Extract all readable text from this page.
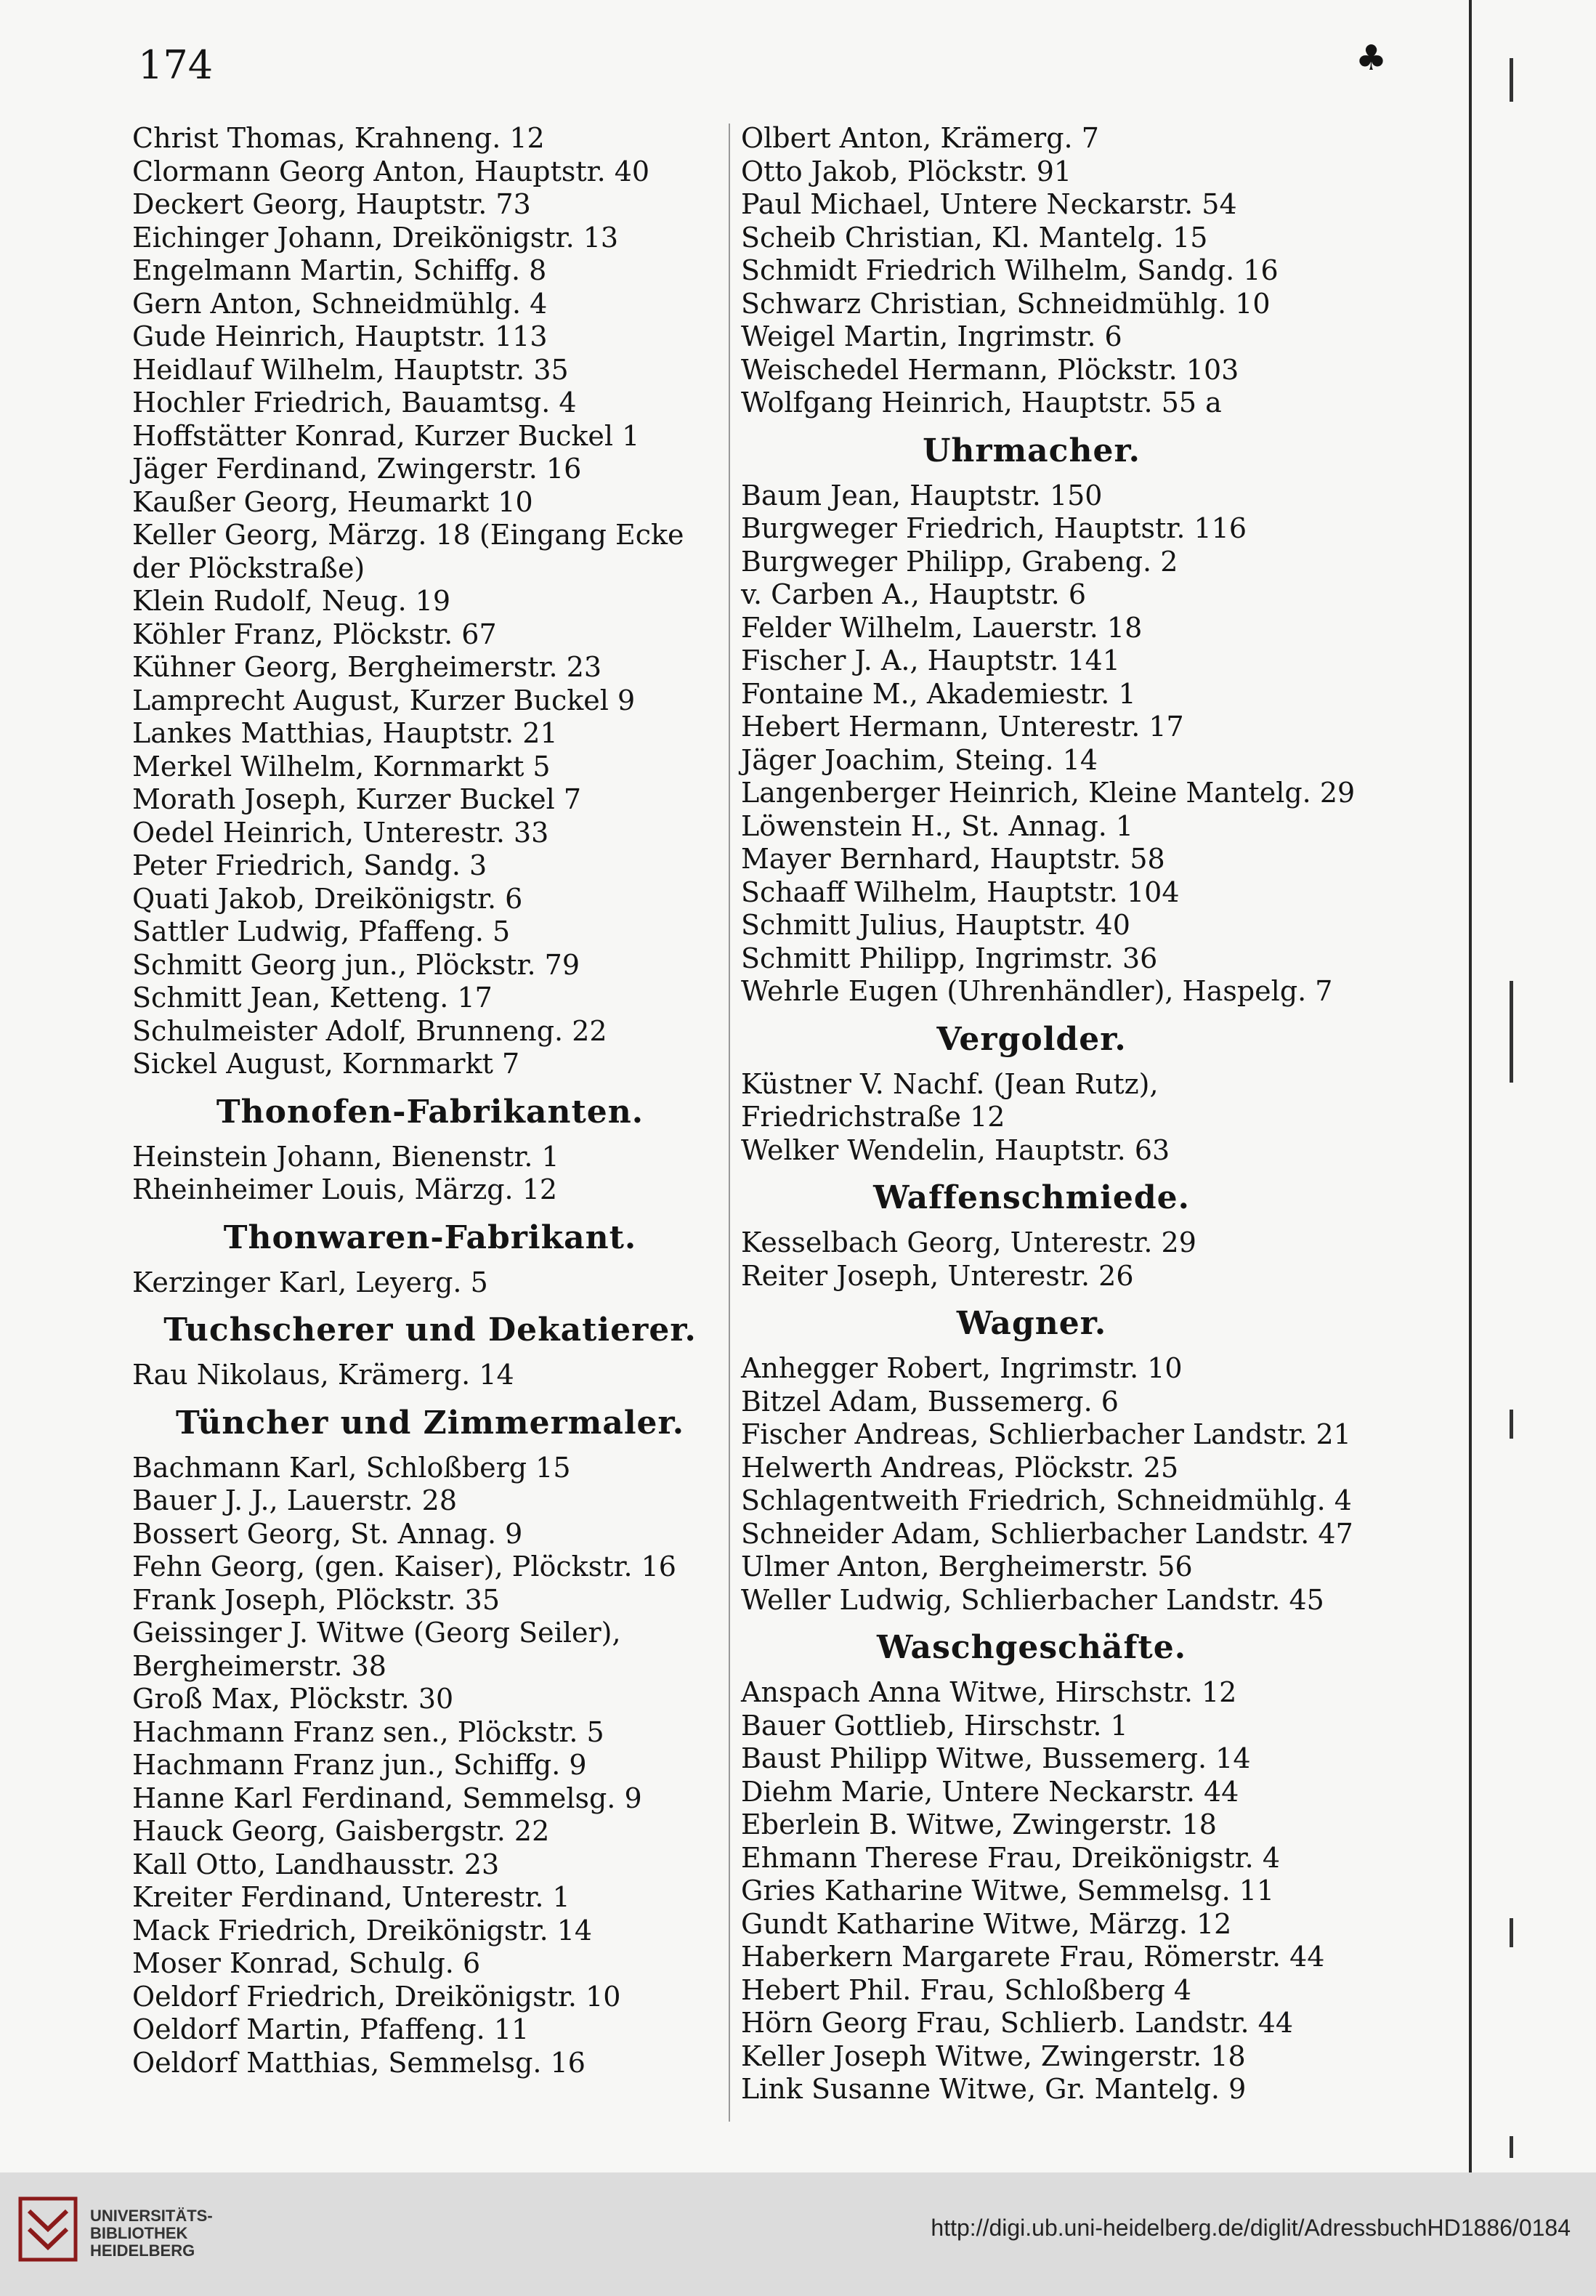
174	♣
Christ Thomas, Krahneng. 12
Clormann Georg Anton, Hauptstr. 40
Deckert Georg, Hauptstr. 73
Eichinger Johann, Dreikönigstr. 13
Engelmann Martin, Schiffg. 8
Gern Anton, Schneidmühlg. 4
Gude Heinrich, Hauptstr. 113
Heidlauf Wilhelm, Hauptstr. 35
Hochler Friedrich, Bauamtsg. 4
Hoffstätter Konrad, Kurzer Buckel 1
Jäger Ferdinand, Zwingerstr. 16
Kaußer Georg, Heumarkt 10
Keller Georg, Märzg. 18 (Eingang Ecke der Plöckstraße)
Klein Rudolf, Neug. 19
Köhler Franz, Plöckstr. 67
Kühner Georg, Bergheimerstr. 23
Lamprecht August, Kurzer Buckel 9
Lankes Matthias, Hauptstr. 21
Merkel Wilhelm, Kornmarkt 5
Morath Joseph, Kurzer Buckel 7
Oedel Heinrich, Unterestr. 33
Peter Friedrich, Sandg. 3
Quati Jakob, Dreikönigstr. 6
Sattler Ludwig, Pfaffeng. 5
Schmitt Georg jun., Plöckstr. 79
Schmitt Jean, Ketteng. 17
Schulmeister Adolf, Brunneng. 22
Sickel August, Kornmarkt 7
Thonofen-Fabrikanten.
Heinstein Johann, Bienenstr. 1
Rheinheimer Louis, Märzg. 12
Thonwaren-Fabrikant.
Kerzinger Karl, Leyerg. 5
Tuchscherer und Dekatierer.
Rau Nikolaus, Krämerg. 14
Tüncher und Zimmermaler.
Bachmann Karl, Schloßberg 15
Bauer J. J., Lauerstr. 28
Bossert Georg, St. Annag. 9
Fehn Georg, (gen. Kaiser), Plöckstr. 16
Frank Joseph, Plöckstr. 35
Geissinger J. Witwe (Georg Seiler), Bergheimerstr. 38
Groß Max, Plöckstr. 30
Hachmann Franz sen., Plöckstr. 5
Hachmann Franz jun., Schiffg. 9
Hanne Karl Ferdinand, Semmelsg. 9
Hauck Georg, Gaisbergstr. 22
Kall Otto, Landhausstr. 23
Kreiter Ferdinand, Unterestr. 1
Mack Friedrich, Dreikönigstr. 14
Moser Konrad, Schulg. 6
Oeldorf Friedrich, Dreikönigstr. 10
Oeldorf Martin, Pfaffeng. 11
Oeldorf Matthias, Semmelsg. 16
Olbert Anton, Krämerg. 7
Otto Jakob, Plöckstr. 91
Paul Michael, Untere Neckarstr. 54
Scheib Christian, Kl. Mantelg. 15
Schmidt Friedrich Wilhelm, Sandg. 16
Schwarz Christian, Schneidmühlg. 10
Weigel Martin, Ingrimstr. 6
Weischedel Hermann, Plöckstr. 103
Wolfgang Heinrich, Hauptstr. 55 a
Uhrmacher.
Baum Jean, Hauptstr. 150
Burgweger Friedrich, Hauptstr. 116
Burgweger Philipp, Grabeng. 2
v. Carben A., Hauptstr. 6
Felder Wilhelm, Lauerstr. 18
Fischer J. A., Hauptstr. 141
Fontaine M., Akademiestr. 1
Hebert Hermann, Unterestr. 17
Jäger Joachim, Steing. 14
Langenberger Heinrich, Kleine Mantelg. 29
Löwenstein H., St. Annag. 1
Mayer Bernhard, Hauptstr. 58
Schaaff Wilhelm, Hauptstr. 104
Schmitt Julius, Hauptstr. 40
Schmitt Philipp, Ingrimstr. 36
Wehrle Eugen (Uhrenhändler), Haspelg. 7
Vergolder.
Küstner V. Nachf. (Jean Rutz), Friedrichstraße 12
Welker Wendelin, Hauptstr. 63
Waffenschmiede.
Kesselbach Georg, Unterestr. 29
Reiter Joseph, Unterestr. 26
Wagner.
Anhegger Robert, Ingrimstr. 10
Bitzel Adam, Bussemerg. 6
Fischer Andreas, Schlierbacher Landstr. 21
Helwerth Andreas, Plöckstr. 25
Schlagentweith Friedrich, Schneidmühlg. 4
Schneider Adam, Schlierbacher Landstr. 47
Ulmer Anton, Bergheimerstr. 56
Weller Ludwig, Schlierbacher Landstr. 45
Waschgeschäfte.
Anspach Anna Witwe, Hirschstr. 12
Bauer Gottlieb, Hirschstr. 1
Baust Philipp Witwe, Bussemerg. 14
Diehm Marie, Untere Neckarstr. 44
Eberlein B. Witwe, Zwingerstr. 18
Ehmann Therese Frau, Dreikönigstr. 4
Gries Katharine Witwe, Semmelsg. 11
Gundt Katharine Witwe, Märzg. 12
Haberkern Margarete Frau, Römerstr. 44
Hebert Phil. Frau, Schloßberg 4
Hörn Georg Frau, Schlierb. Landstr. 44
Keller Joseph Witwe, Zwingerstr. 18
Link Susanne Witwe, Gr. Mantelg. 9
UNIVERSITÄTS-
BIBLIOTHEK
HEIDELBERG
http://digi.ub.uni-heidelberg.de/diglit/AdressbuchHD1886/0184
